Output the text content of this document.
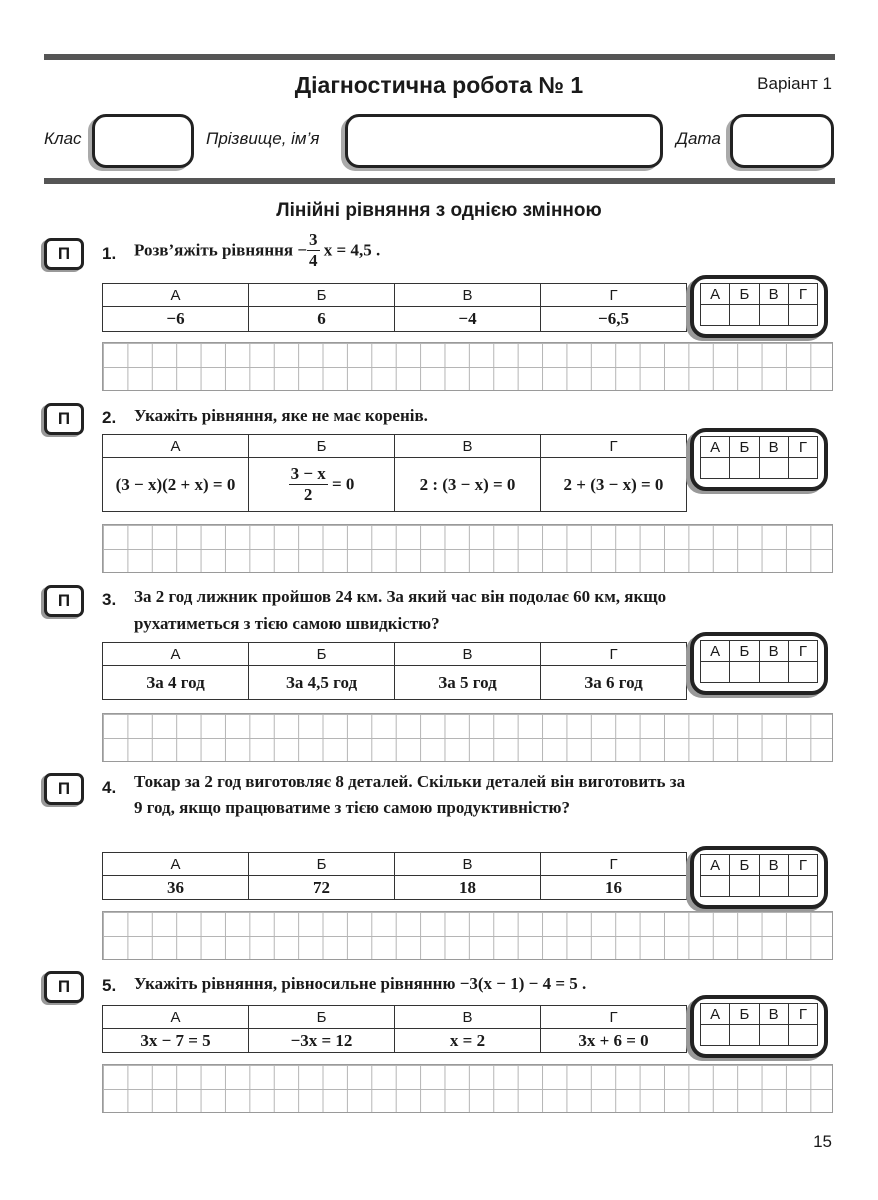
Діагностична робота № 1	Варіант 1
Клас	Прізвище, ім’я	Дата
Лінійні рівняння з однією змінною
П	1. Розв’яжіть рівняння − $\frac{3}{4}$ x = 4,5 .
А	Б	В	Г
−6	6	−4	−6,5
А	Б	В	Г

П	2. Укажіть рівняння, яке не має коренів.
А	Б	В	Г
(3 − x)(2 + x) = 0	$\frac{3 - x}{2} = 0$	2 : (3 − x) = 0	2 + (3 − x) = 0
А	Б	В	Г

П	3. За 2 год лижник пройшов 24 км. За який час він подолає 60 км, якщо рухатиметься з тією самою швидкістю?
А	Б	В	Г
За 4 год	За 4,5 год	За 5 год	За 6 год
А	Б	В	Г

П	4. Токар за 2 год виготовляє 8 деталей. Скільки деталей він виготовить за 9 год, якщо працюватиме з тією самою продуктивністю?
А	Б	В	Г
36	72	18	16
А	Б	В	Г

П	5. Укажіть рівняння, рівносильне рівнянню −3(x − 1) − 4 = 5 .
А	Б	В	Г
3x − 7 = 5	−3x = 12	x = 2	3x + 6 = 0
А	Б	В	Г

15
